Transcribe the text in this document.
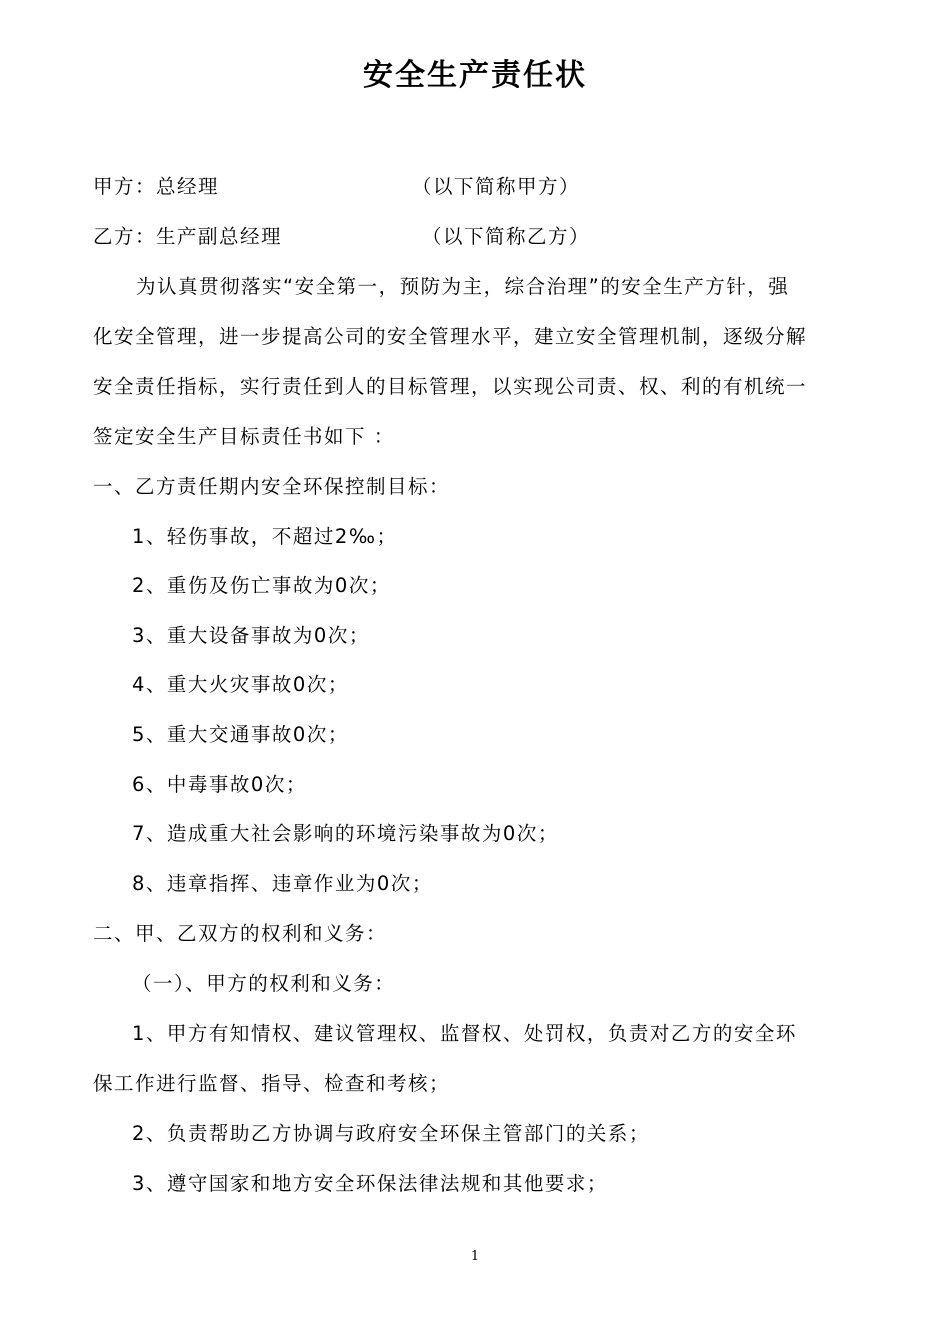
安全生产责任状
甲方：总经理	（以下简称甲方）
乙方：生产副总经理	（以下简称乙方）
为认真贯彻落实“安全第一，预防为主，综合治理”的安全生产方针，强
化安全管理，进一步提高公司的安全管理水平，建立安全管理机制，逐级分解
安全责任指标，实行责任到人的目标管理，以实现公司责、权、利的有机统一
签定安全生产目标责任书如下 ：
一、乙方责任期内安全环保控制目标：
1、轻伤事故，不超过2‰；
2、重伤及伤亡事故为0次；
3、重大设备事故为0次；
4、重大火灾事故0次；
5、重大交通事故0次；
6、中毒事故0次；
7、造成重大社会影响的环境污染事故为0次；
8、违章指挥、违章作业为0次；
二、甲、乙双方的权利和义务：
（一）、甲方的权利和义务：
1、甲方有知情权、建议管理权、监督权、处罚权，负责对乙方的安全环
保工作进行监督、指导、检查和考核；
2、负责帮助乙方协调与政府安全环保主管部门的关系；
3、遵守国家和地方安全环保法律法规和其他要求；
1
